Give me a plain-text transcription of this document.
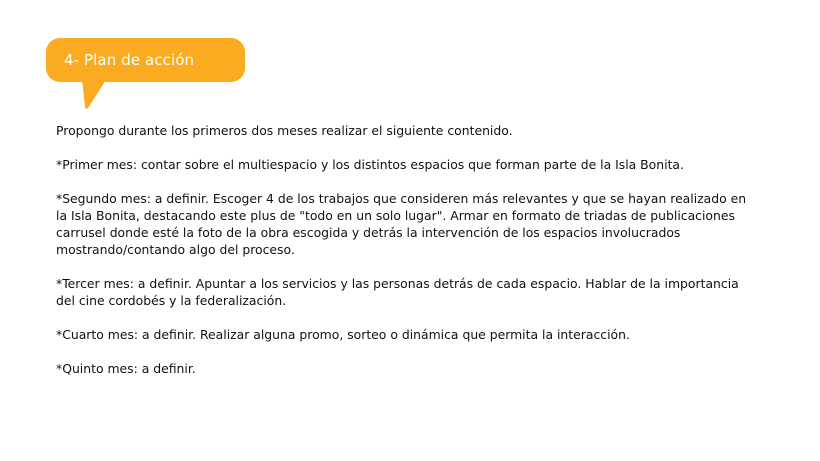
4- Plan de acción

Propongo durante los primeros dos meses realizar el siguiente contenido.

*Primer mes: contar sobre el multiespacio y los distintos espacios que forman parte de la Isla Bonita.

*Segundo mes: a definir. Escoger 4 de los trabajos que consideren más relevantes y que se hayan realizado en la Isla Bonita, destacando este plus de "todo en un solo lugar". Armar en formato de triadas de publicaciones carrusel donde esté la foto de la obra escogida y detrás la intervención de los espacios involucrados mostrando/contando algo del proceso.

*Tercer mes: a definir. Apuntar a los servicios y las personas detrás de cada espacio. Hablar de la importancia del cine cordobés y la federalización.

*Cuarto mes: a definir. Realizar alguna promo, sorteo o dinámica que permita la interacción.

*Quinto mes: a definir.
